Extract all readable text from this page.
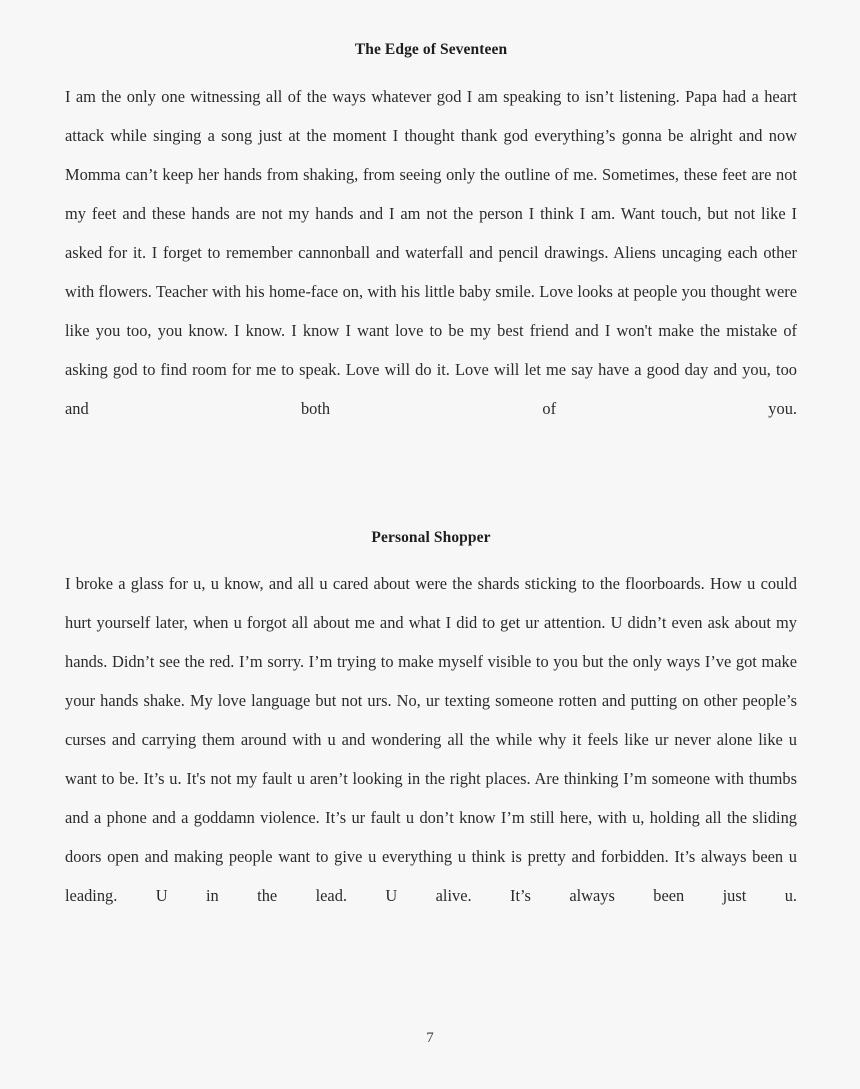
The Edge of Seventeen
I am the only one witnessing all of the ways whatever god I am speaking to isn’t listening. Papa had a heart attack while singing a song just at the moment I thought thank god everything’s gonna be alright and now Momma can’t keep her hands from shaking, from seeing only the outline of me. Sometimes, these feet are not my feet and these hands are not my hands and I am not the person I think I am. Want touch, but not like I asked for it. I forget to remember cannonball and waterfall and pencil drawings. Aliens uncaging each other with flowers. Teacher with his home-face on, with his little baby smile. Love looks at people you thought were like you too, you know. I know. I know I want love to be my best friend and I won't make the mistake of asking god to find room for me to speak. Love will do it. Love will let me say have a good day and you, too and both of you.
Personal Shopper
I broke a glass for u, u know, and all u cared about were the shards sticking to the floorboards. How u could hurt yourself later, when u forgot all about me and what I did to get ur attention. U didn’t even ask about my hands. Didn’t see the red. I’m sorry. I’m trying to make myself visible to you but the only ways I’ve got make your hands shake. My love language but not urs. No, ur texting someone rotten and putting on other people’s curses and carrying them around with u and wondering all the while why it feels like ur never alone like u want to be. It’s u. It's not my fault u aren’t looking in the right places. Are thinking I’m someone with thumbs and a phone and a goddamn violence. It’s ur fault u don’t know I’m still here, with u, holding all the sliding doors open and making people want to give u everything u think is pretty and forbidden. It’s always been u leading. U in the lead. U alive. It’s always been just u.
7
